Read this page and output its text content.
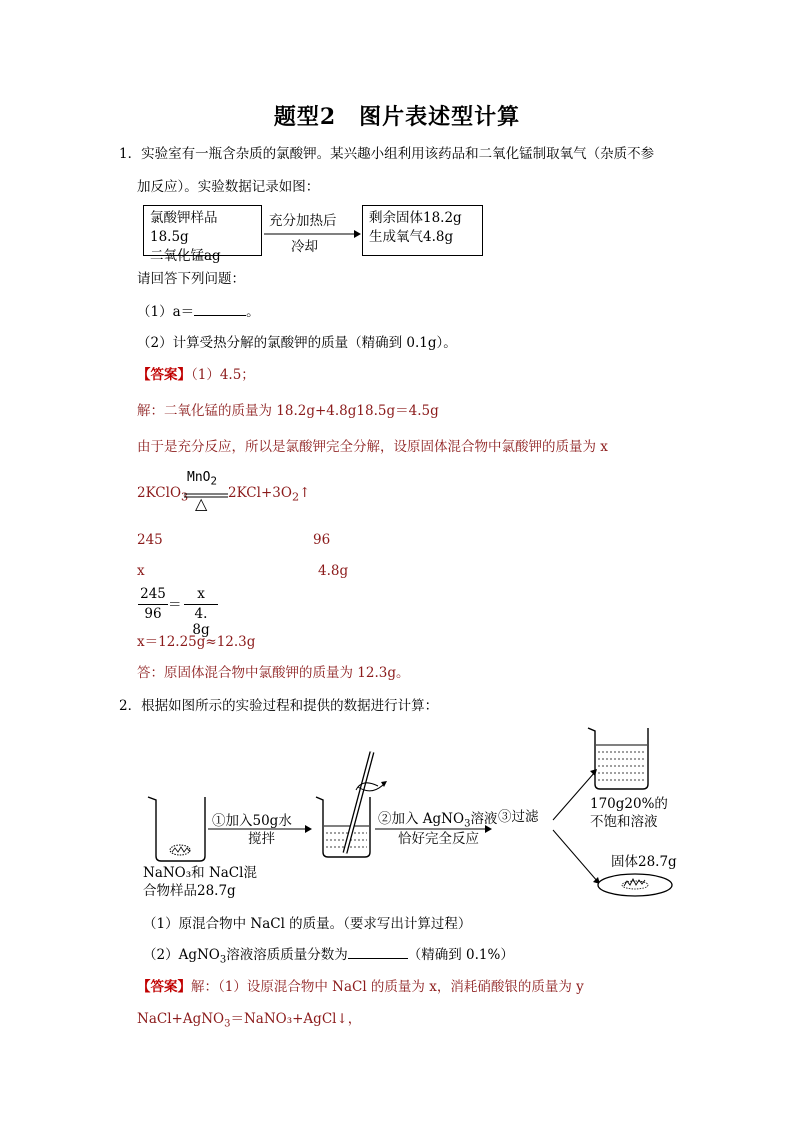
题型2　图片表述型计算
1．实验室有一瓶含杂质的氯酸钾。某兴趣小组利用该药品和二氧化锰制取氧气（杂质不参
加反应）。实验数据记录如图：
氯酸钾样品18.5g
二氧化锰ag
充分加热后
冷却
剩余固体18.2g
生成氧气4.8g
请回答下列问题：
（1）a＝	。
（2）计算受热分解的氯酸钾的质量（精确到 0.1g）。
【答案】（1）4.5；
解：二氧化锰的质量为 18.2g+4.8g18.5g＝4.5g
由于是充分反应，所以是氯酸钾完全分解，设原固体混合物中氯酸钾的质量为 x
MnO$_2$
2KClO$_3$ △
$2KCl+3O_2↑$
245	96
x	4.8g
245
96
＝
x
4. 8g
x＝12.25g≈12.3g
答：原固体混合物中氯酸钾的质量为 12.3g。
2．根据如图所示的实验过程和提供的数据进行计算：
①加入50g水
搅拌
②加入 AgNO$_3$溶液
恰好完全反应
③过滤
NaNO₃和 NaCl混
合物样品28.7g
170g20%的
不饱和溶液
固体28.7g
（1）原混合物中 NaCl 的质量。（要求写出计算过程）
（2）AgNO$_3$溶液溶质质量分数为	（精确到 0.1%）
【答案】解：（1）设原混合物中 NaCl 的质量为 x，消耗硝酸银的质量为 y
NaCl+AgNO$_3$＝NaNO₃+AgCl↓，
